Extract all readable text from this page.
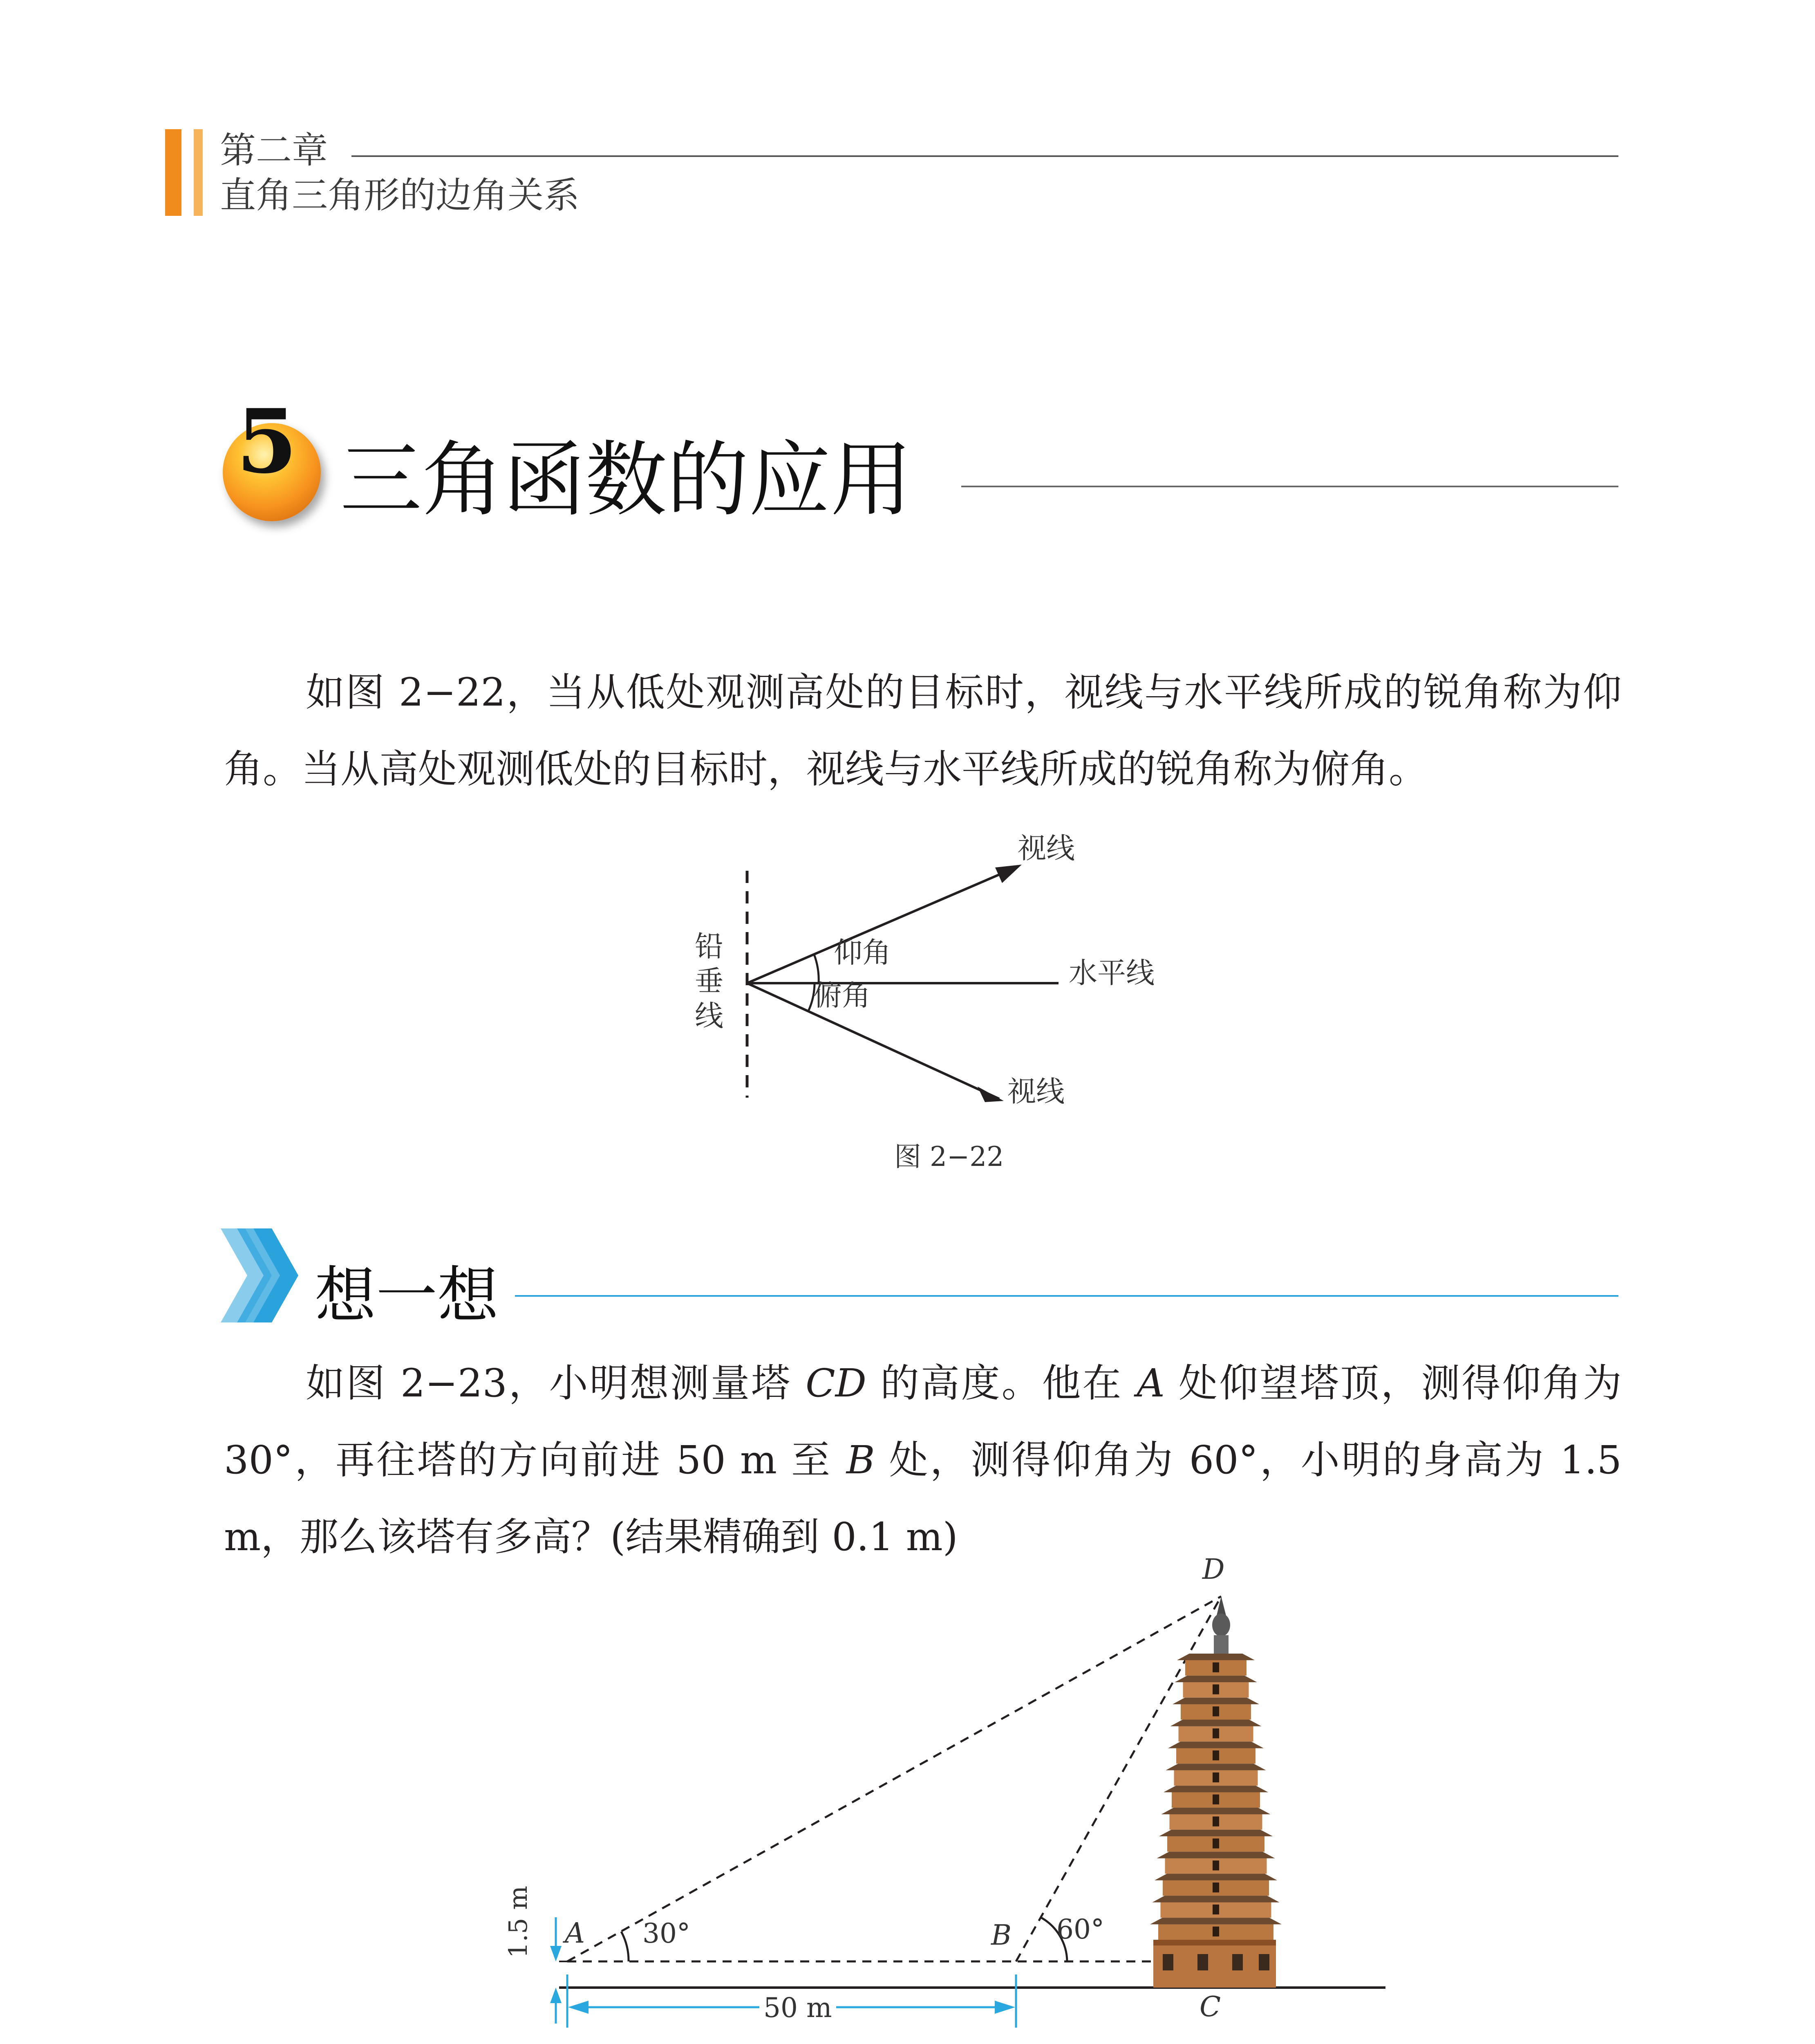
第二章
直角三角形的边角关系
5 三角函数的应用
如图 2−22，当从低处观测高处的目标时，视线与水平线所成的锐角称为仰角。当从高处观测低处的目标时，视线与水平线所成的锐角称为俯角。
视线
视线
水平线
铅
垂
线
仰角
俯角
图 2−22
想一想
如图 2−23，小明想测量塔 CD 的高度。他在 A 处仰望塔顶，测得仰角为 30°，再往塔的方向前进 50 m 至 B 处，测得仰角为 60°，小明的身高为 1.5 m，那么该塔有多高？(结果精确到 0.1 m)
D
A	B
C
30°	60°
50 m
1.5 m
